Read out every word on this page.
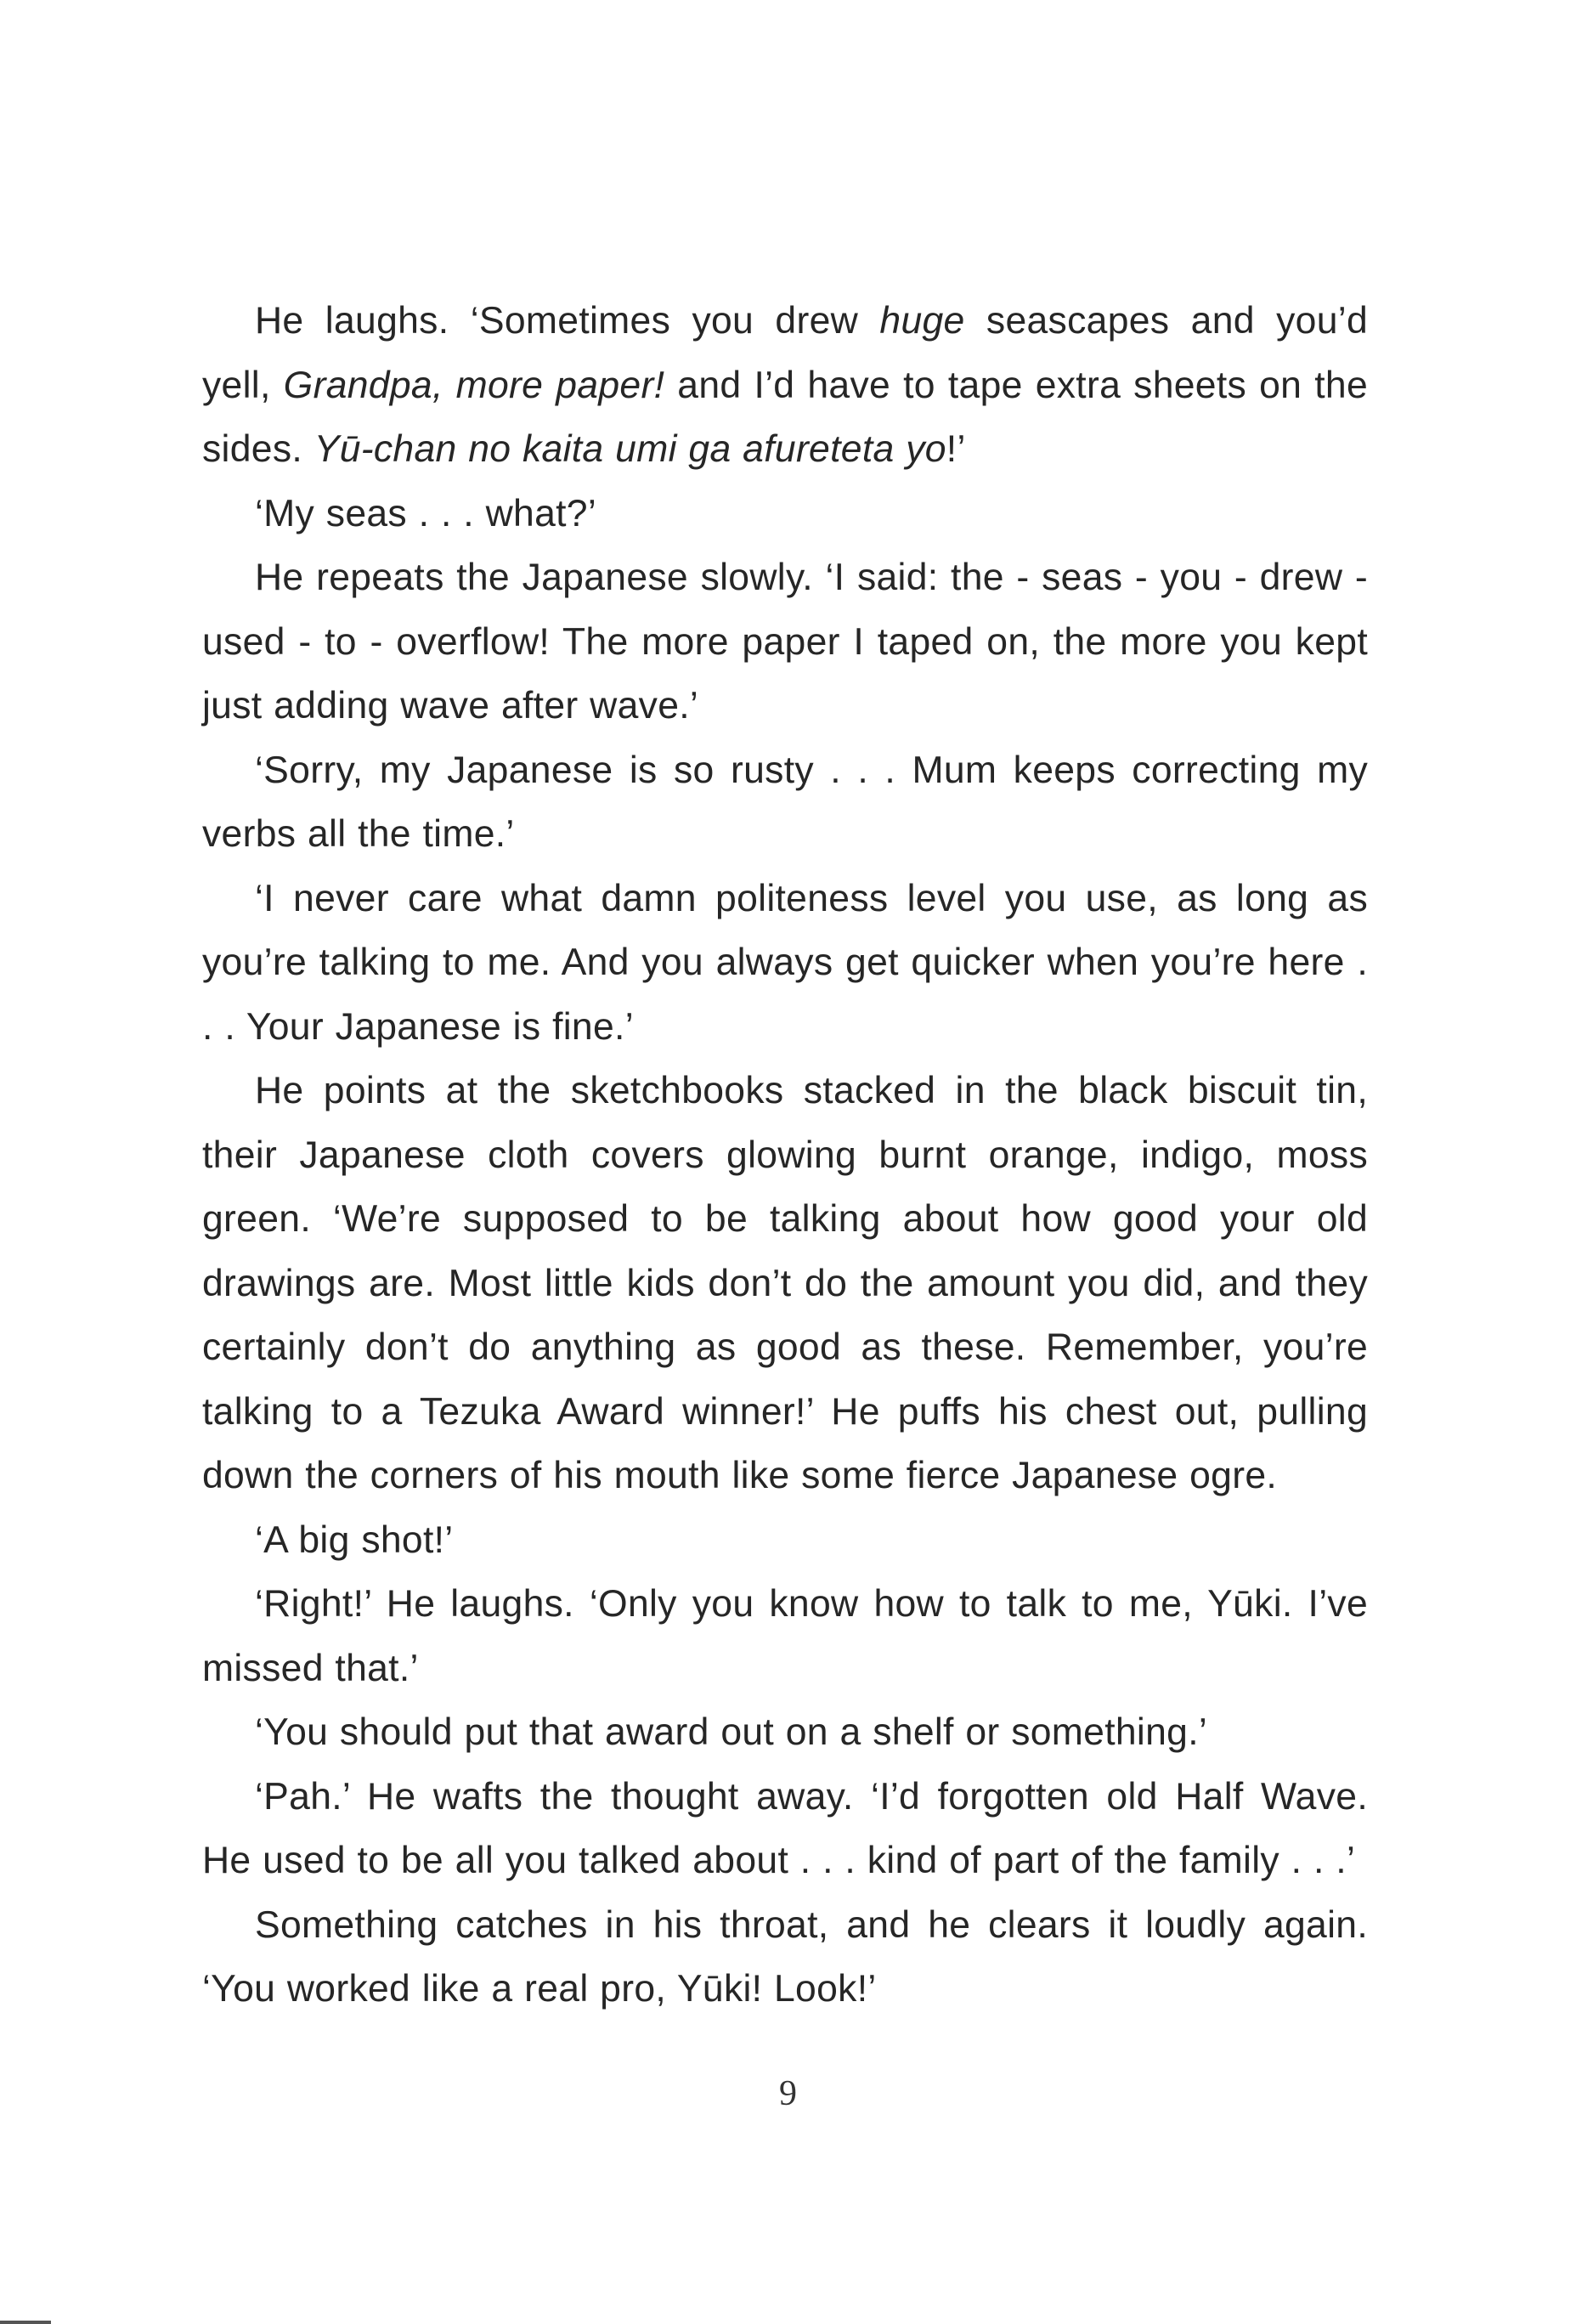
He laughs. ‘Sometimes you drew huge seascapes and you’d yell, Grandpa, more paper! and I’d have to tape extra sheets on the sides. Yū-chan no kaita umi ga afureteta yo!’

‘My seas . . . what?’

He repeats the Japanese slowly. ‘I said: the - seas - you - drew - used - to - overflow! The more paper I taped on, the more you kept just adding wave after wave.’

‘Sorry, my Japanese is so rusty . . . Mum keeps correcting my verbs all the time.’

‘I never care what damn politeness level you use, as long as you’re talking to me. And you always get quicker when you’re here . . . Your Japanese is fine.’

He points at the sketchbooks stacked in the black biscuit tin, their Japanese cloth covers glowing burnt orange, indigo, moss green. ‘We’re supposed to be talking about how good your old drawings are. Most little kids don’t do the amount you did, and they certainly don’t do anything as good as these. Remember, you’re talking to a Tezuka Award winner!’ He puffs his chest out, pulling down the corners of his mouth like some fierce Japanese ogre.

‘A big shot!’

‘Right!’ He laughs. ‘Only you know how to talk to me, Yūki. I’ve missed that.’

‘You should put that award out on a shelf or something.’

‘Pah.’ He wafts the thought away. ‘I’d forgotten old Half Wave. He used to be all you talked about . . . kind of part of the family . . .’

Something catches in his throat, and he clears it loudly again. ‘You worked like a real pro, Yūki! Look!’

9
